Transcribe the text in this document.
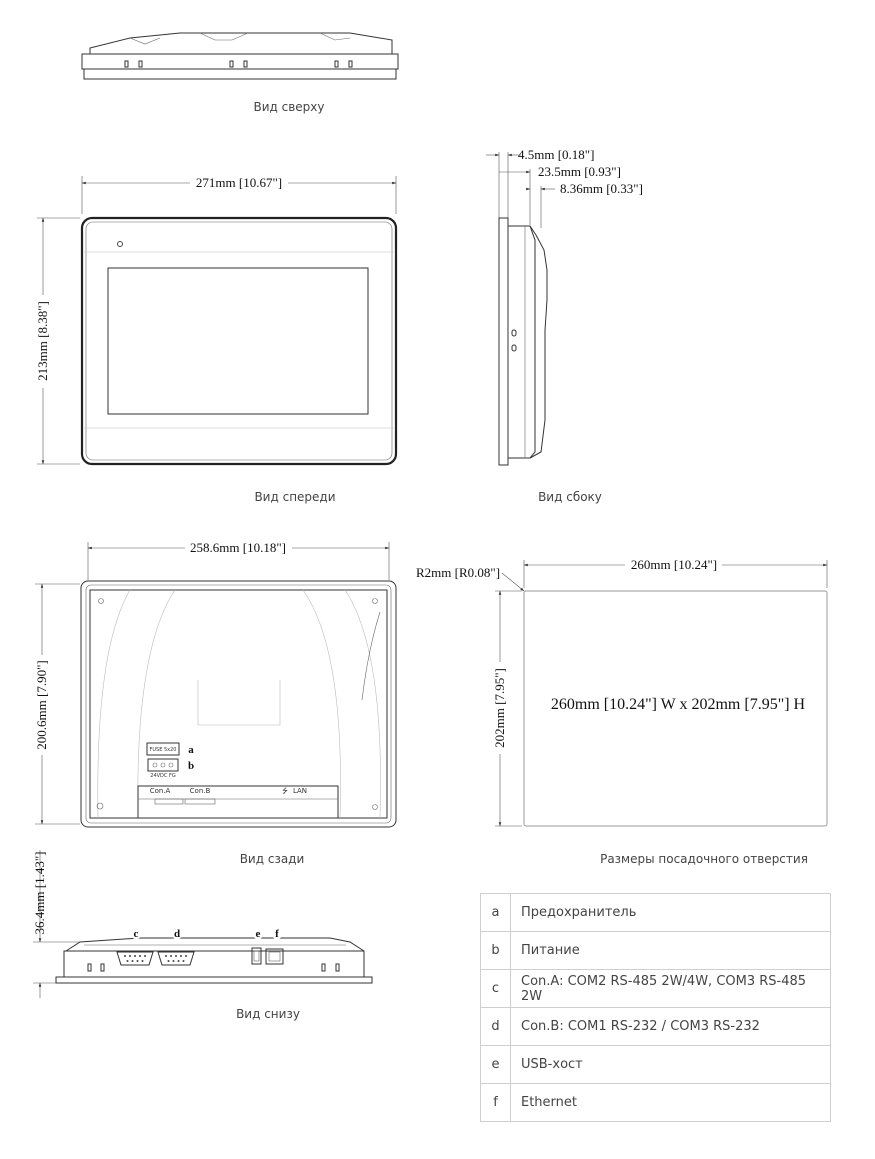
Вид сверху
271mm [10.67"]
213mm [8.38"]
Вид спереди
4.5mm [0.18"]
23.5mm [0.93"]
8.36mm [0.33"]
Вид сбоку
258.6mm [10.18"]
200.6mm [7.90"]
FUSE 5x20 a
24VDC FG
b
Con.A	Con.B	⭍ LAN
Вид сзади
260mm [10.24"]
R2mm [R0.08"]
202mm [7.95"]	260mm [10.24"] W x 202mm [7.95"] H
Размеры посадочного отверстия
36.4mm [1.43"]	c	d	e f
Вид снизу
a	Предохранитель
b	Питание
c	Con.A: COM2 RS-485 2W/4W, COM3 RS-485 2W
d	Con.B: COM1 RS-232 / COM3 RS-232
e	USB-хост
f	Ethernet
